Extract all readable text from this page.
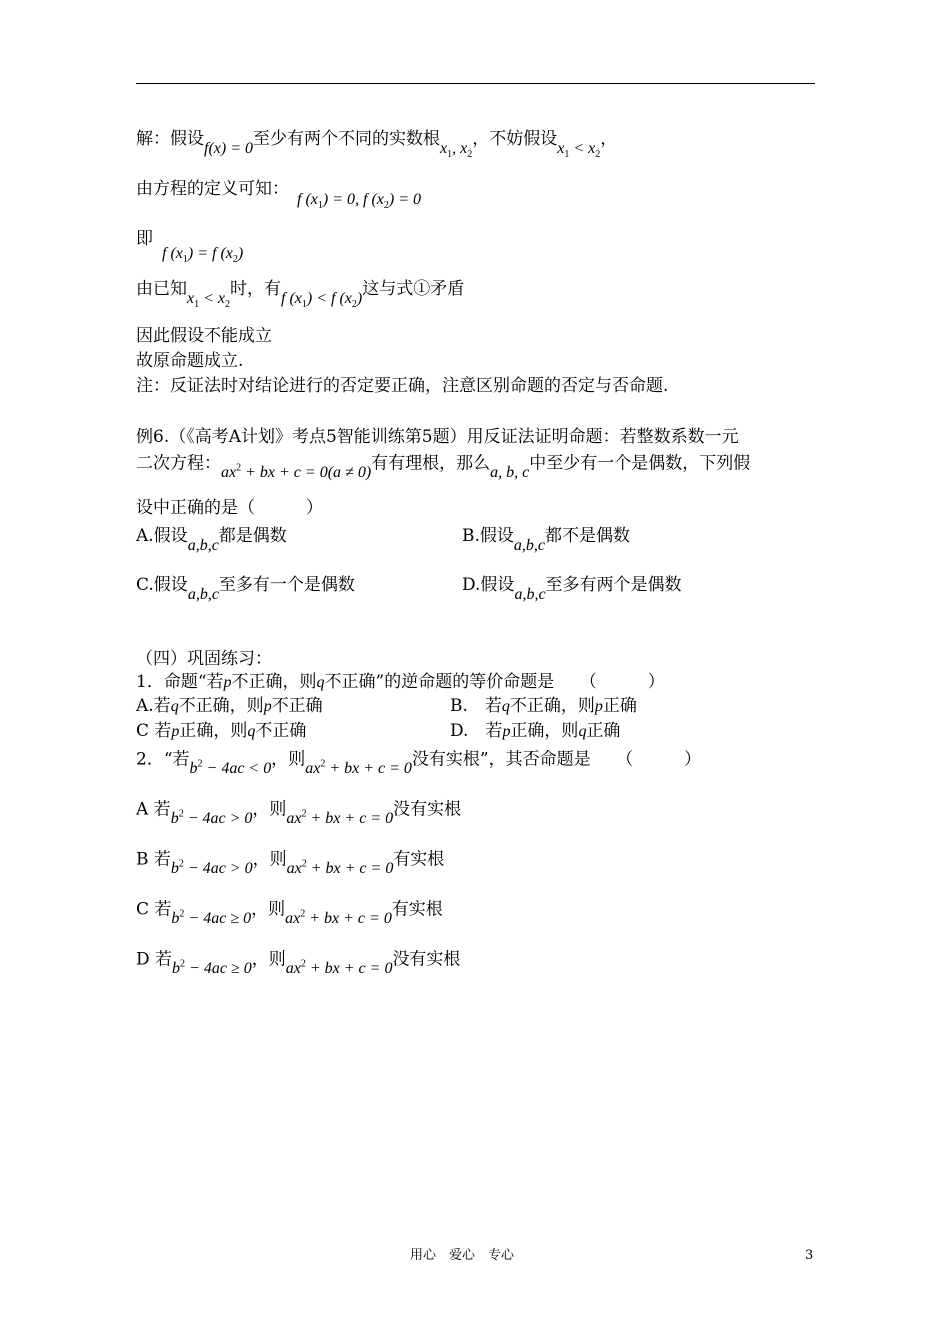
解：假设f(x) = 0至少有两个不同的实数根$x_1$, $x_2$，不妨假设$x_1 < x_2$，
由方程的定义可知：f $(x_1) = 0$, f $(x_2) = 0$
即
f $(x_1) = f$ $(x_2)$
由已知$x_1 < x_2$时，有f $(x_1) < f$ $(x_2)$这与式①矛盾
因此假设不能成立
故原命题成立.
注：反证法时对结论进行的否定要正确，注意区别命题的否定与否命题.
例6.（《高考A计划》考点5智能训练第5题）用反证法证明命题：若整数系数一元
二次方程：$ax^2$ + bx + c = 0(a ≠ 0)有有理根，那么a, b, c中至少有一个是偶数，下列假
设中正确的是（　　　）
A.假设a,b,c都是偶数	B.假设a,b,c都不是偶数
C.假设a,b,c至多有一个是偶数	D.假设a,b,c至多有两个是偶数
（四）巩固练习：
1．命题“若p不正确，则q不正确”的逆命题的等价命题是　　（　　　）
A.若q不正确，则p不正确	B.　若q不正确，则p正确
C 若p正确，则q不正确	D.　若p正确，则q正确
2．“若$b^2 - 4ac < 0$，则$ax^2$ + bx + c = 0没有实根”，其否命题是　　（　　　）
A 若$b^2 - 4ac > 0$，则$ax^2$ + bx + c = 0没有实根
B 若$b^2 - 4ac > 0$，则$ax^2$ + bx + c = 0有实根
C 若$b^2 - 4ac \ge 0$，则$ax^2$ + bx + c = 0有实根
D 若$b^2 - 4ac \ge 0$，则$ax^2$ + bx + c = 0没有实根
用心　爱心　专心	3
